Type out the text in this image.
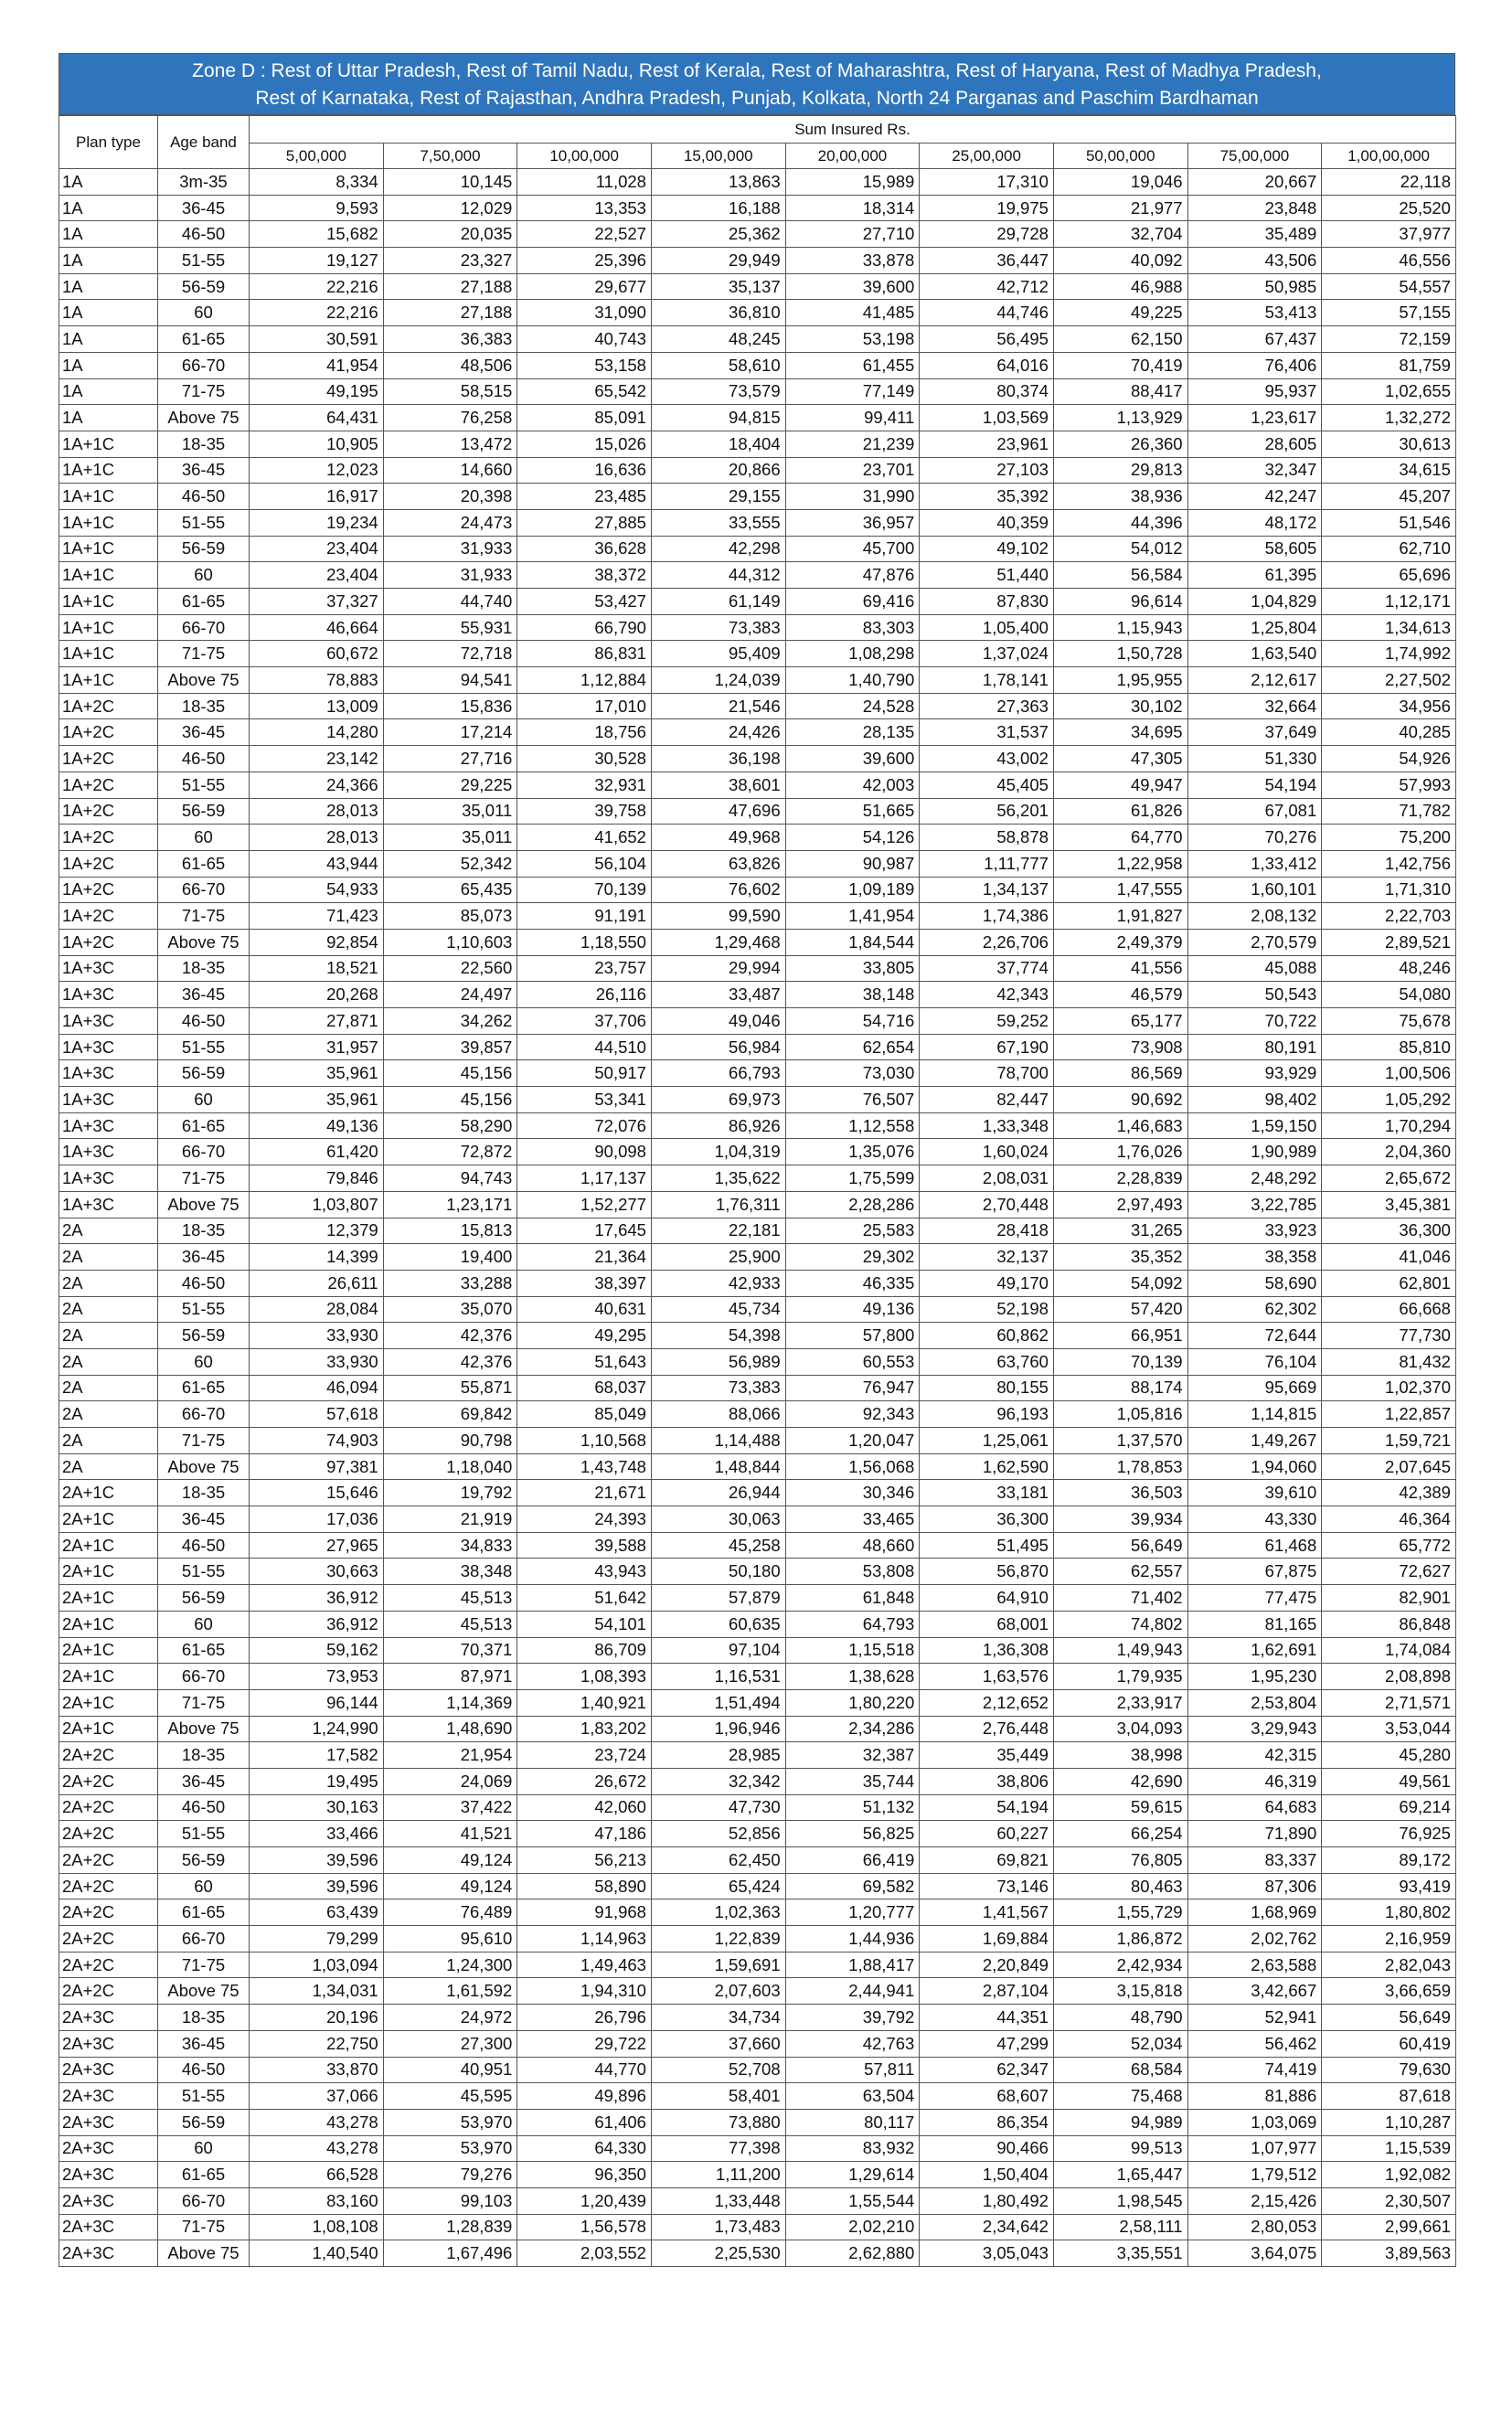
Zone D : Rest of Uttar Pradesh, Rest of Tamil Nadu, Rest of Kerala, Rest of Maharashtra, Rest of Haryana, Rest of Madhya Pradesh,
Rest of Karnataka, Rest of Rajasthan, Andhra Pradesh, Punjab, Kolkata, North 24 Parganas and Paschim Bardhaman
Plan type	Age band	Sum Insured Rs.								
		5,00,000	7,50,000	10,00,000	15,00,000	20,00,000	25,00,000	50,00,000	75,00,000	1,00,00,000
1A	3m-35	8,334	10,145	11,028	13,863	15,989	17,310	19,046	20,667	22,118
1A	36-45	9,593	12,029	13,353	16,188	18,314	19,975	21,977	23,848	25,520
1A	46-50	15,682	20,035	22,527	25,362	27,710	29,728	32,704	35,489	37,977
1A	51-55	19,127	23,327	25,396	29,949	33,878	36,447	40,092	43,506	46,556
1A	56-59	22,216	27,188	29,677	35,137	39,600	42,712	46,988	50,985	54,557
1A	60	22,216	27,188	31,090	36,810	41,485	44,746	49,225	53,413	57,155
1A	61-65	30,591	36,383	40,743	48,245	53,198	56,495	62,150	67,437	72,159
1A	66-70	41,954	48,506	53,158	58,610	61,455	64,016	70,419	76,406	81,759
1A	71-75	49,195	58,515	65,542	73,579	77,149	80,374	88,417	95,937	1,02,655
1A	Above 75	64,431	76,258	85,091	94,815	99,411	1,03,569	1,13,929	1,23,617	1,32,272
1A+1C	18-35	10,905	13,472	15,026	18,404	21,239	23,961	26,360	28,605	30,613
1A+1C	36-45	12,023	14,660	16,636	20,866	23,701	27,103	29,813	32,347	34,615
1A+1C	46-50	16,917	20,398	23,485	29,155	31,990	35,392	38,936	42,247	45,207
1A+1C	51-55	19,234	24,473	27,885	33,555	36,957	40,359	44,396	48,172	51,546
1A+1C	56-59	23,404	31,933	36,628	42,298	45,700	49,102	54,012	58,605	62,710
1A+1C	60	23,404	31,933	38,372	44,312	47,876	51,440	56,584	61,395	65,696
1A+1C	61-65	37,327	44,740	53,427	61,149	69,416	87,830	96,614	1,04,829	1,12,171
1A+1C	66-70	46,664	55,931	66,790	73,383	83,303	1,05,400	1,15,943	1,25,804	1,34,613
1A+1C	71-75	60,672	72,718	86,831	95,409	1,08,298	1,37,024	1,50,728	1,63,540	1,74,992
1A+1C	Above 75	78,883	94,541	1,12,884	1,24,039	1,40,790	1,78,141	1,95,955	2,12,617	2,27,502
1A+2C	18-35	13,009	15,836	17,010	21,546	24,528	27,363	30,102	32,664	34,956
1A+2C	36-45	14,280	17,214	18,756	24,426	28,135	31,537	34,695	37,649	40,285
1A+2C	46-50	23,142	27,716	30,528	36,198	39,600	43,002	47,305	51,330	54,926
1A+2C	51-55	24,366	29,225	32,931	38,601	42,003	45,405	49,947	54,194	57,993
1A+2C	56-59	28,013	35,011	39,758	47,696	51,665	56,201	61,826	67,081	71,782
1A+2C	60	28,013	35,011	41,652	49,968	54,126	58,878	64,770	70,276	75,200
1A+2C	61-65	43,944	52,342	56,104	63,826	90,987	1,11,777	1,22,958	1,33,412	1,42,756
1A+2C	66-70	54,933	65,435	70,139	76,602	1,09,189	1,34,137	1,47,555	1,60,101	1,71,310
1A+2C	71-75	71,423	85,073	91,191	99,590	1,41,954	1,74,386	1,91,827	2,08,132	2,22,703
1A+2C	Above 75	92,854	1,10,603	1,18,550	1,29,468	1,84,544	2,26,706	2,49,379	2,70,579	2,89,521
1A+3C	18-35	18,521	22,560	23,757	29,994	33,805	37,774	41,556	45,088	48,246
1A+3C	36-45	20,268	24,497	26,116	33,487	38,148	42,343	46,579	50,543	54,080
1A+3C	46-50	27,871	34,262	37,706	49,046	54,716	59,252	65,177	70,722	75,678
1A+3C	51-55	31,957	39,857	44,510	56,984	62,654	67,190	73,908	80,191	85,810
1A+3C	56-59	35,961	45,156	50,917	66,793	73,030	78,700	86,569	93,929	1,00,506
1A+3C	60	35,961	45,156	53,341	69,973	76,507	82,447	90,692	98,402	1,05,292
1A+3C	61-65	49,136	58,290	72,076	86,926	1,12,558	1,33,348	1,46,683	1,59,150	1,70,294
1A+3C	66-70	61,420	72,872	90,098	1,04,319	1,35,076	1,60,024	1,76,026	1,90,989	2,04,360
1A+3C	71-75	79,846	94,743	1,17,137	1,35,622	1,75,599	2,08,031	2,28,839	2,48,292	2,65,672
1A+3C	Above 75	1,03,807	1,23,171	1,52,277	1,76,311	2,28,286	2,70,448	2,97,493	3,22,785	3,45,381
2A	18-35	12,379	15,813	17,645	22,181	25,583	28,418	31,265	33,923	36,300
2A	36-45	14,399	19,400	21,364	25,900	29,302	32,137	35,352	38,358	41,046
2A	46-50	26,611	33,288	38,397	42,933	46,335	49,170	54,092	58,690	62,801
2A	51-55	28,084	35,070	40,631	45,734	49,136	52,198	57,420	62,302	66,668
2A	56-59	33,930	42,376	49,295	54,398	57,800	60,862	66,951	72,644	77,730
2A	60	33,930	42,376	51,643	56,989	60,553	63,760	70,139	76,104	81,432
2A	61-65	46,094	55,871	68,037	73,383	76,947	80,155	88,174	95,669	1,02,370
2A	66-70	57,618	69,842	85,049	88,066	92,343	96,193	1,05,816	1,14,815	1,22,857
2A	71-75	74,903	90,798	1,10,568	1,14,488	1,20,047	1,25,061	1,37,570	1,49,267	1,59,721
2A	Above 75	97,381	1,18,040	1,43,748	1,48,844	1,56,068	1,62,590	1,78,853	1,94,060	2,07,645
2A+1C	18-35	15,646	19,792	21,671	26,944	30,346	33,181	36,503	39,610	42,389
2A+1C	36-45	17,036	21,919	24,393	30,063	33,465	36,300	39,934	43,330	46,364
2A+1C	46-50	27,965	34,833	39,588	45,258	48,660	51,495	56,649	61,468	65,772
2A+1C	51-55	30,663	38,348	43,943	50,180	53,808	56,870	62,557	67,875	72,627
2A+1C	56-59	36,912	45,513	51,642	57,879	61,848	64,910	71,402	77,475	82,901
2A+1C	60	36,912	45,513	54,101	60,635	64,793	68,001	74,802	81,165	86,848
2A+1C	61-65	59,162	70,371	86,709	97,104	1,15,518	1,36,308	1,49,943	1,62,691	1,74,084
2A+1C	66-70	73,953	87,971	1,08,393	1,16,531	1,38,628	1,63,576	1,79,935	1,95,230	2,08,898
2A+1C	71-75	96,144	1,14,369	1,40,921	1,51,494	1,80,220	2,12,652	2,33,917	2,53,804	2,71,571
2A+1C	Above 75	1,24,990	1,48,690	1,83,202	1,96,946	2,34,286	2,76,448	3,04,093	3,29,943	3,53,044
2A+2C	18-35	17,582	21,954	23,724	28,985	32,387	35,449	38,998	42,315	45,280
2A+2C	36-45	19,495	24,069	26,672	32,342	35,744	38,806	42,690	46,319	49,561
2A+2C	46-50	30,163	37,422	42,060	47,730	51,132	54,194	59,615	64,683	69,214
2A+2C	51-55	33,466	41,521	47,186	52,856	56,825	60,227	66,254	71,890	76,925
2A+2C	56-59	39,596	49,124	56,213	62,450	66,419	69,821	76,805	83,337	89,172
2A+2C	60	39,596	49,124	58,890	65,424	69,582	73,146	80,463	87,306	93,419
2A+2C	61-65	63,439	76,489	91,968	1,02,363	1,20,777	1,41,567	1,55,729	1,68,969	1,80,802
2A+2C	66-70	79,299	95,610	1,14,963	1,22,839	1,44,936	1,69,884	1,86,872	2,02,762	2,16,959
2A+2C	71-75	1,03,094	1,24,300	1,49,463	1,59,691	1,88,417	2,20,849	2,42,934	2,63,588	2,82,043
2A+2C	Above 75	1,34,031	1,61,592	1,94,310	2,07,603	2,44,941	2,87,104	3,15,818	3,42,667	3,66,659
2A+3C	18-35	20,196	24,972	26,796	34,734	39,792	44,351	48,790	52,941	56,649
2A+3C	36-45	22,750	27,300	29,722	37,660	42,763	47,299	52,034	56,462	60,419
2A+3C	46-50	33,870	40,951	44,770	52,708	57,811	62,347	68,584	74,419	79,630
2A+3C	51-55	37,066	45,595	49,896	58,401	63,504	68,607	75,468	81,886	87,618
2A+3C	56-59	43,278	53,970	61,406	73,880	80,117	86,354	94,989	1,03,069	1,10,287
2A+3C	60	43,278	53,970	64,330	77,398	83,932	90,466	99,513	1,07,977	1,15,539
2A+3C	61-65	66,528	79,276	96,350	1,11,200	1,29,614	1,50,404	1,65,447	1,79,512	1,92,082
2A+3C	66-70	83,160	99,103	1,20,439	1,33,448	1,55,544	1,80,492	1,98,545	2,15,426	2,30,507
2A+3C	71-75	1,08,108	1,28,839	1,56,578	1,73,483	2,02,210	2,34,642	2,58,111	2,80,053	2,99,661
2A+3C	Above 75	1,40,540	1,67,496	2,03,552	2,25,530	2,62,880	3,05,043	3,35,551	3,64,075	3,89,563
